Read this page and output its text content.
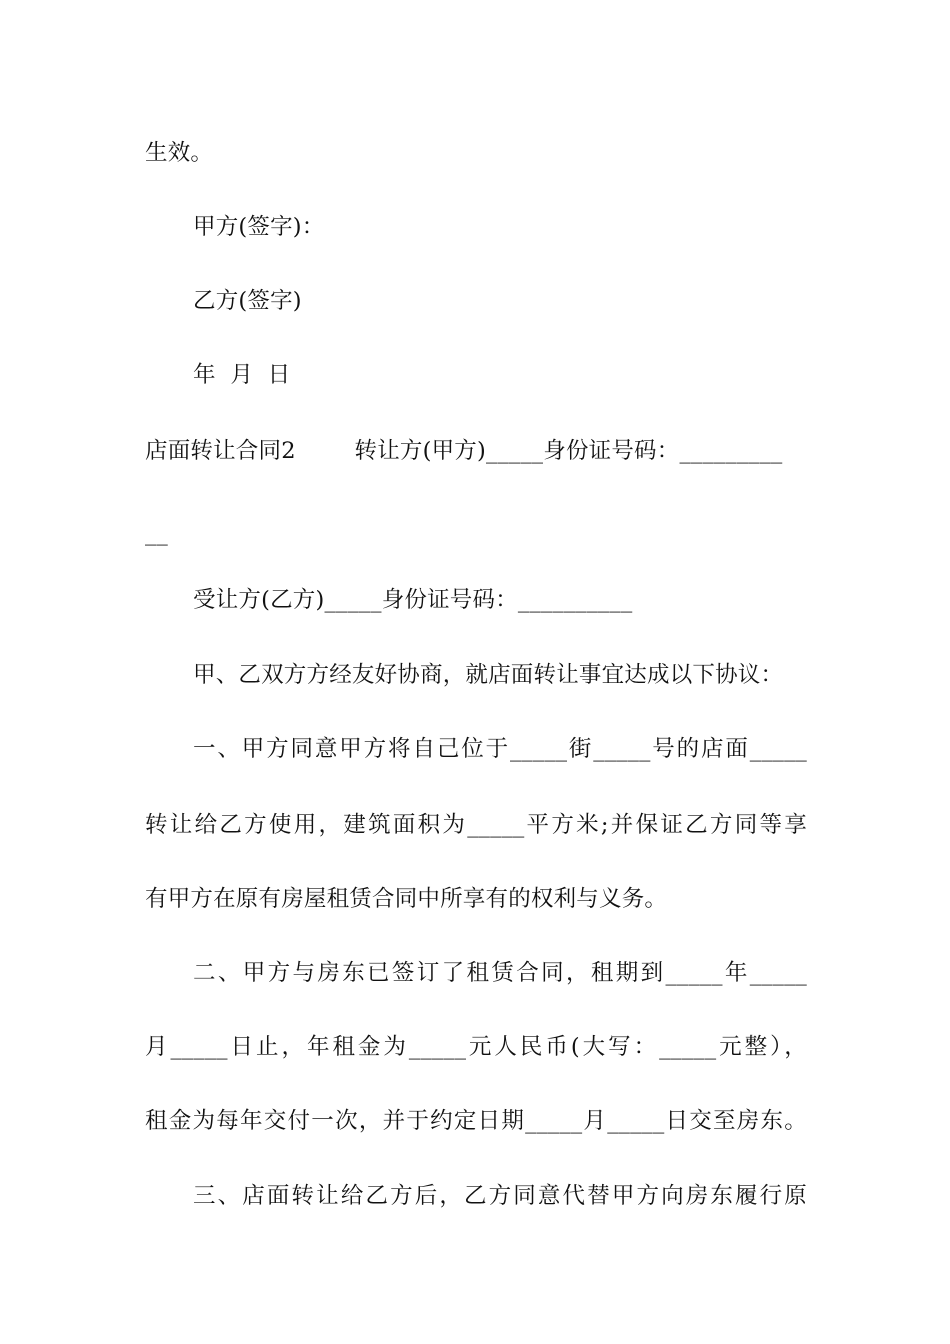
生效。
甲方(签字)：
乙方(签字)
年  月  日
店面转让合同2        转让方(甲方)_____身份证号码：_________
__
受让方(乙方)_____身份证号码：__________
甲、乙双方方经友好协商，就店面转让事宜达成以下协议：
一、甲方同意甲方将自己位于_____街_____号的店面_____
转让给乙方使用，建筑面积为_____平方米;并保证乙方同等享
有甲方在原有房屋租赁合同中所享有的权利与义务。
二、甲方与房东已签订了租赁合同，租期到_____年_____
月_____日止，年租金为_____元人民币(大写：_____元整），
租金为每年交付一次，并于约定日期_____月_____日交至房东。
三、店面转让给乙方后，乙方同意代替甲方向房东履行原
